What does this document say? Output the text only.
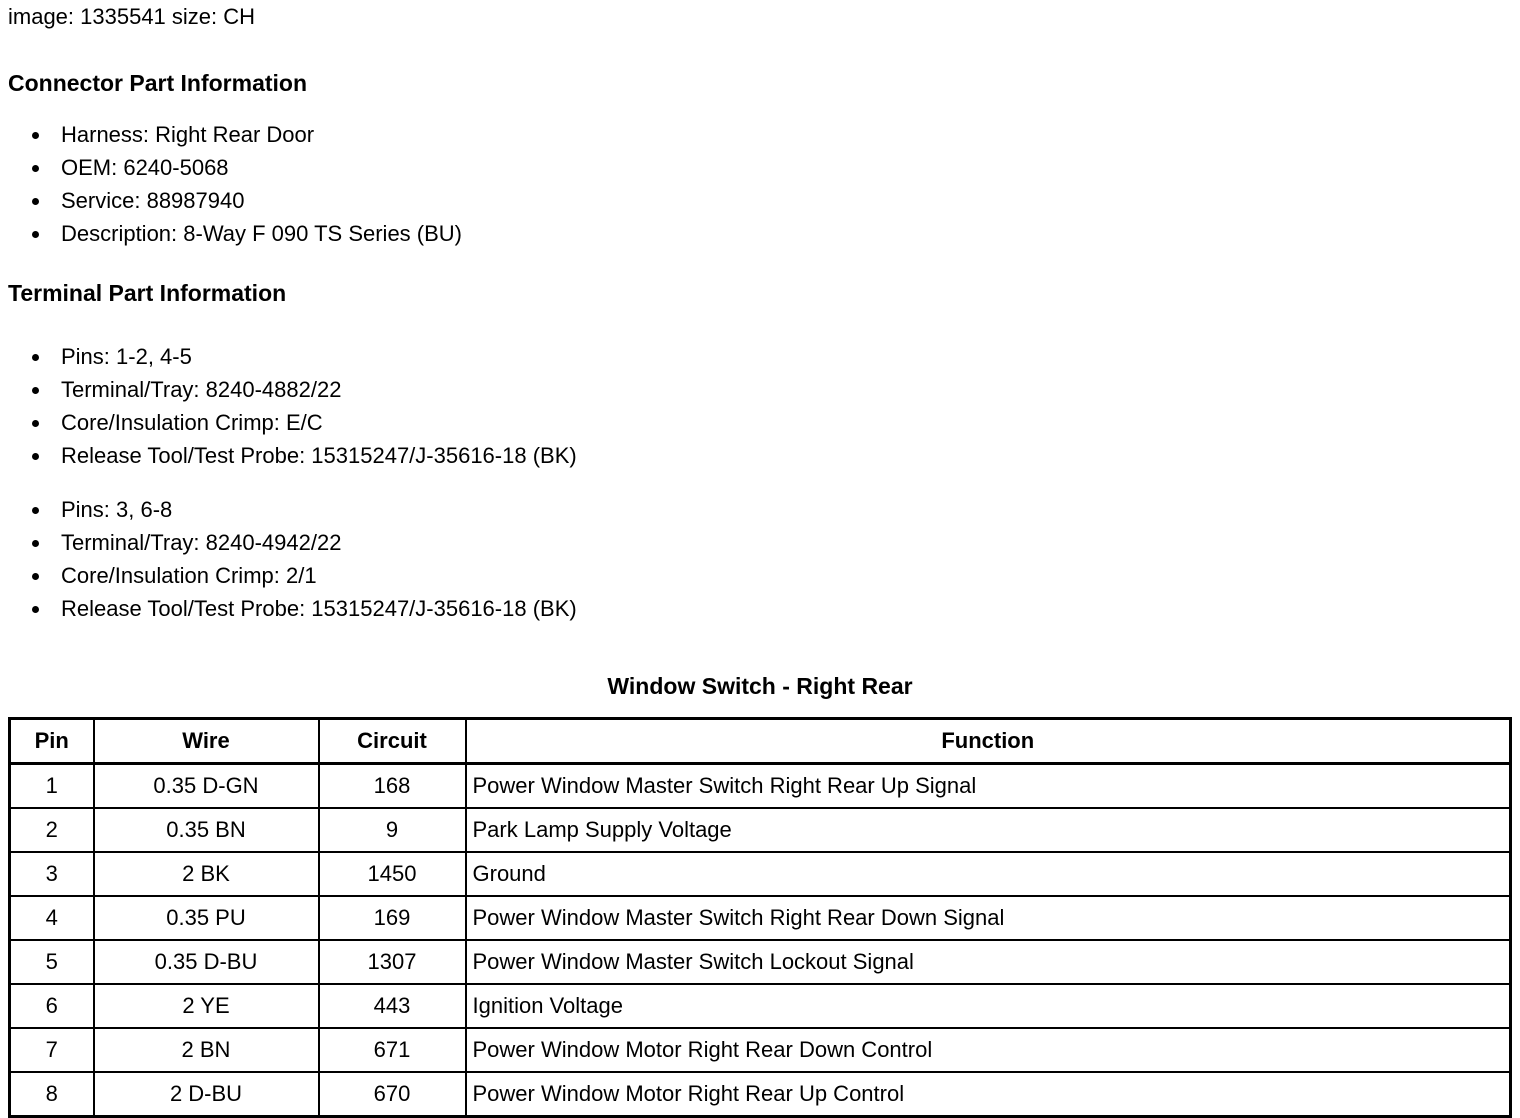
image: 1335541 size: CH

Connector Part Information
• Harness: Right Rear Door
• OEM: 6240-5068
• Service: 88987940
• Description: 8-Way F 090 TS Series (BU)
Terminal Part Information
• Pins: 1-2, 4-5
• Terminal/Tray: 8240-4882/22
• Core/Insulation Crimp: E/C
• Release Tool/Test Probe: 15315247/J-35616-18 (BK)
• Pins: 3, 6-8
• Terminal/Tray: 8240-4942/22
• Core/Insulation Crimp: 2/1
• Release Tool/Test Probe: 15315247/J-35616-18 (BK)
Window Switch - Right Rear
Pin	Wire	Circuit	Function
1	0.35 D-GN	168	Power Window Master Switch Right Rear Up Signal
2	0.35 BN	9	Park Lamp Supply Voltage
3	2 BK	1450	Ground
4	0.35 PU	169	Power Window Master Switch Right Rear Down Signal
5	0.35 D-BU	1307	Power Window Master Switch Lockout Signal
6	2 YE	443	Ignition Voltage
7	2 BN	671	Power Window Motor Right Rear Down Control
8	2 D-BU	670	Power Window Motor Right Rear Up Control
